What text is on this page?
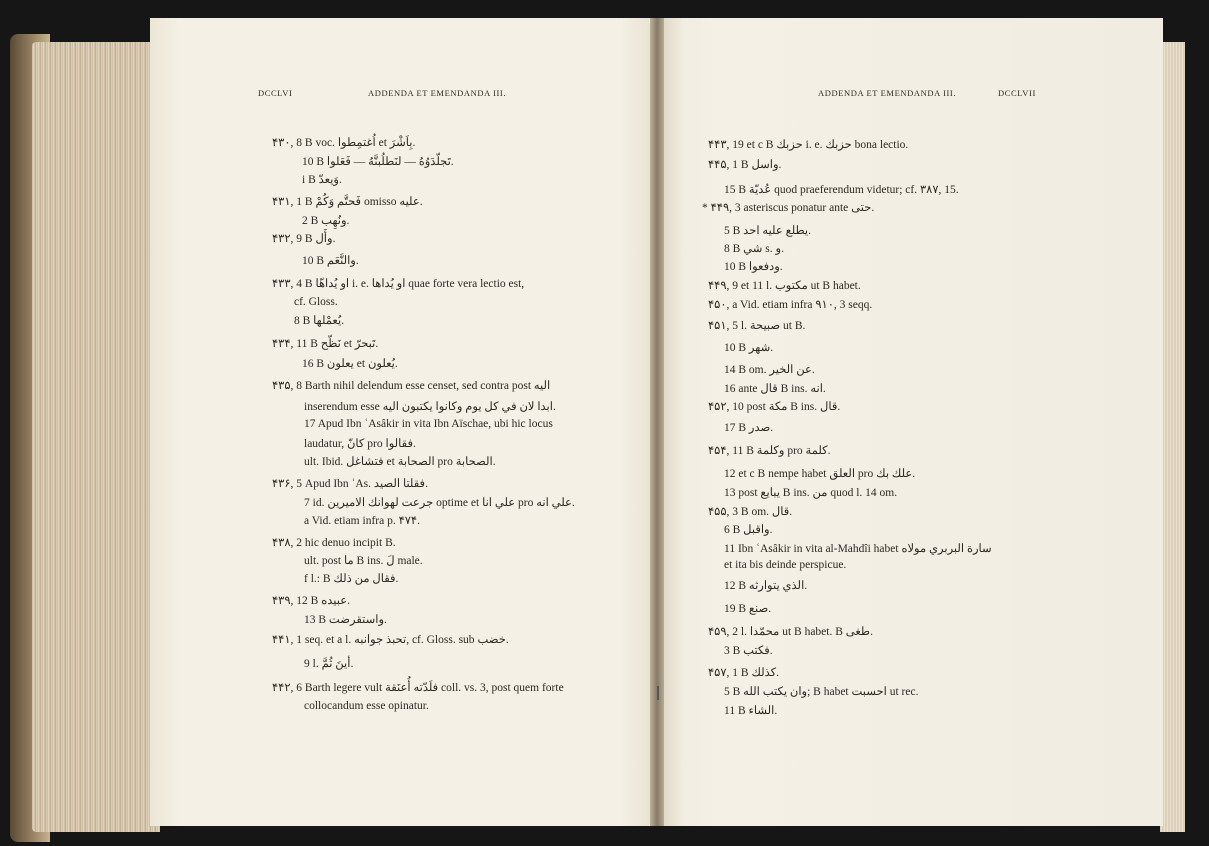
DCCLVI	ADDENDA ET EMENDANDA III.	ADDENDA ET EMENDANDA III.	DCCLVII
۴۳۰, 8 B voc. اُغتمِطوا et بِاَشْرَ.
10 B تَجلّدَوُهُ — لنَطلُبنَّهُ — فَعَلوا.
i B وَيعدّ.
۴۳۱, 1 B فَحتَّم وَكُمْ omisso عليه.
2 B ونُهِب.
۴۳۲, 9 B وأَل.
10 B والنَّعَم.
۴۳۳, 4 B او يُداهّا i. e. او يُداها quae forte vera lectio est,
cf. Gloss.
8 B يُعمْلها.
۴۳۴, 11 B نَظّح et تَبحرّ.
16 B يعلون et يُعلون.
۴۳۵, 8 Barth nihil delendum esse censet, sed contra post اليه
inserendum esse ابدا لان في كل يوم وكانوا يكتبون اليه.
17 Apud Ibn ʿAsâkir in vita Ibn Aïschae, ubi hic locus
laudatur, كانّ pro فقالوا.
ult. Ibid. فتشاغل et الصحابة pro الصحابة.
۴۳۶, 5 Apud Ibn ʿAs. فقلتا الصيد.
7 id. جرعت لهوانك الاميرين optime et علي انا pro علي انه.
a Vid. etiam infra p. ۴۷۴.
۴۳۸, 2 hic denuo incipit B.
ult. post ما B ins. لَ male.
f l.: B فقال من ذلك.
۴۳۹, 12 B عبيده.
13 B واستقرضت.
۴۴۱, 1 seq. et a l. تحبذ جوانبه, cf. Gloss. sub خضب.
9 l. أينَ ثُمَّ.
۴۴۲, 6 Barth legere vult فلَدّته أُعنَقة coll. vs. 3, post quem forte
collocandum esse opinatur.
۴۴۳, 19 et c B حزبك i. e. حزبك bona lectio.
۴۴۵, 1 B واسل.
15 B عُديّة quod praeferendum videtur; cf. ۳۸۷, 15.
* ۴۴۹, 3 asteriscus ponatur ante حتى.
5 B يطلع عليه احد.
8 B شي s. و.
10 B ودفعوا.
۴۴۹, 9 et 11 l. مكتوب ut B habet.
۴۵۰, a Vid. etiam infra ۹۱۰, 3 seqq.
۴۵۱, 5 l. صبيحة ut B.
10 B شهر.
14 B om. عن الخير.
16 ante قال B ins. انه.
۴۵۲, 10 post مكة B ins. قال.
17 B صدر.
۴۵۴, 11 B وكلمة pro كلمة.
12 et c B nempe habet العلق pro علك بك.
13 post يبايع B ins. من quod l. 14 om.
۴۵۵, 3 B om. قال.
6 B واقبل.
11 Ibn ʿAsâkir in vita al-Mahdîi habet سارة البربري مولاه
et ita bis deinde perspicue.
12 B الذي يتوارثه.
19 B صنع.
۴۵۹, 2 l. محمّدا ut B habet. B طغى.
3 B فكتب.
۴۵۷, 1 B كذلك.
5 B وان يكتب الله; B habet احسبت ut rec.
11 B الشاء.
